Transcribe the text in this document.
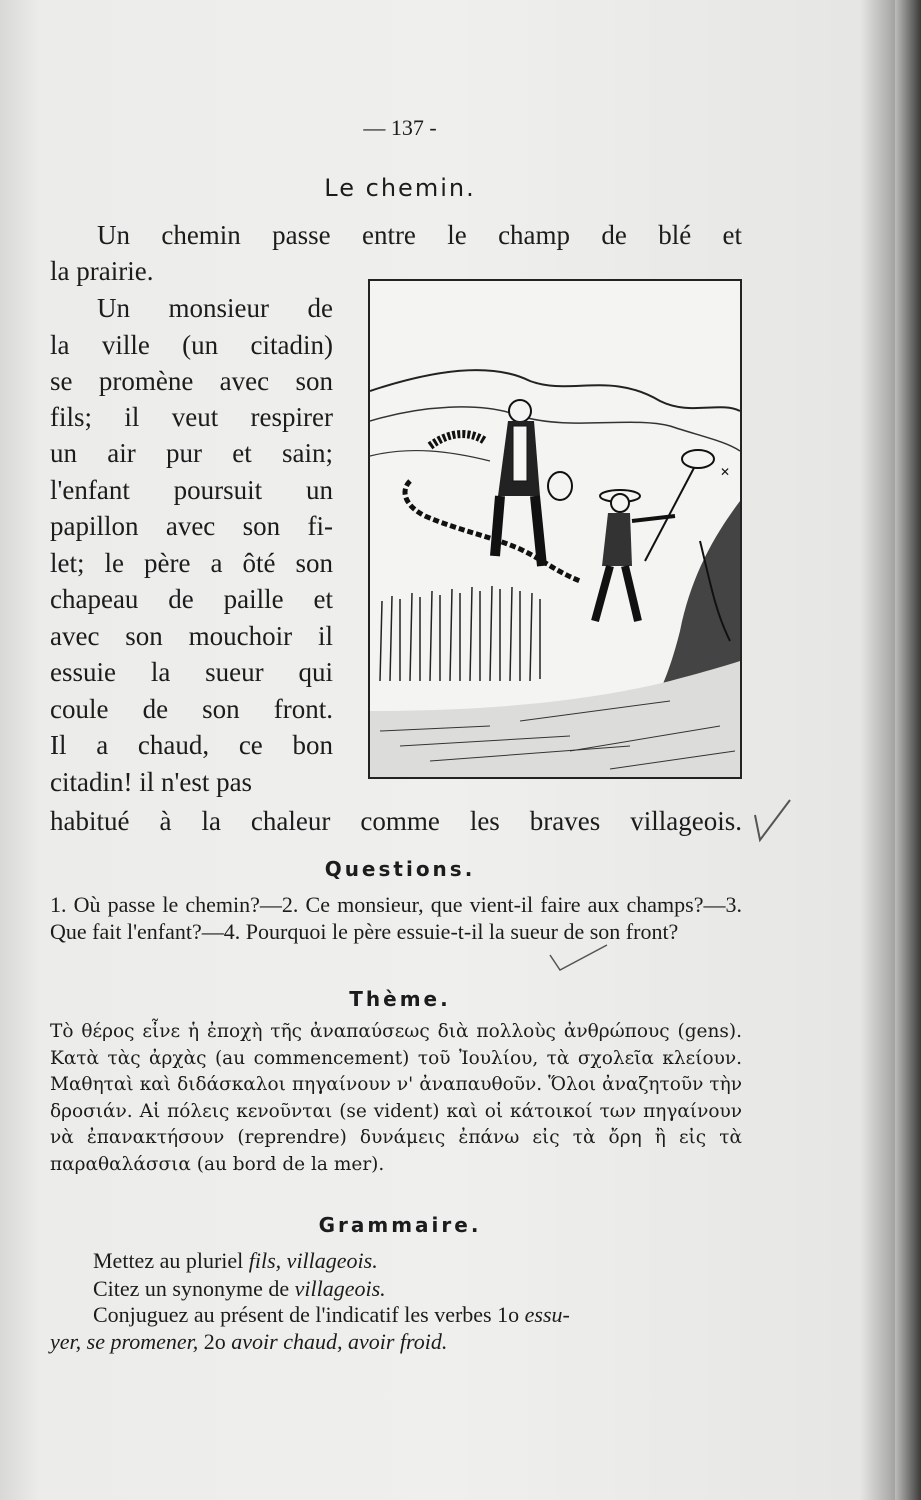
— 137 -
Le chemin.
Un chemin passe entre le champ de blé et
la prairie.
Un monsieur de
la ville (un citadin)
se promène avec son
fils; il veut respirer
un air pur et sain;
l'enfant poursuit un
papillon avec son fi-
let; le père a ôté son
chapeau de paille et
avec son mouchoir il
essuie la sueur qui
coule de son front.
Il a chaud, ce bon
citadin! il n'est pas
habitué à la chaleur comme les braves villageois.
✕
Questions.
1. Où passe le chemin?—2. Ce monsieur, que vient-il faire aux champs?—3. Que fait l'enfant?—4. Pourquoi le père essuie-t-il la sueur de son front?
Thème.
Τὸ θέρος εἶνε ἡ ἐποχὴ τῆς ἀναπαύσεως διὰ πολλοὺς ἀνθρώπους (gens). Κατὰ τὰς ἀρχὰς (au commencement) τοῦ Ἰουλίου, τὰ σχολεῖα κλείουν. Μαθηταὶ καὶ διδάσκαλοι πηγαίνουν ν' ἀναπαυθοῦν. Ὅλοι ἀναζητοῦν τὴν δροσιάν. Αἱ πόλεις κενοῦνται (se vident) καὶ οἱ κάτοικοί των πηγαίνουν νὰ ἐπανακτήσουν (reprendre) δυνάμεις ἐπάνω εἰς τὰ ὄρη ἢ εἰς τὰ παραθαλάσσια (au bord de la mer).
Grammaire.
Mettez au pluriel fils, villageois.
Citez un synonyme de villageois.
Conjuguez au présent de l'indicatif les verbes 1o essu-
yer, se promener, 2o avoir chaud, avoir froid.
